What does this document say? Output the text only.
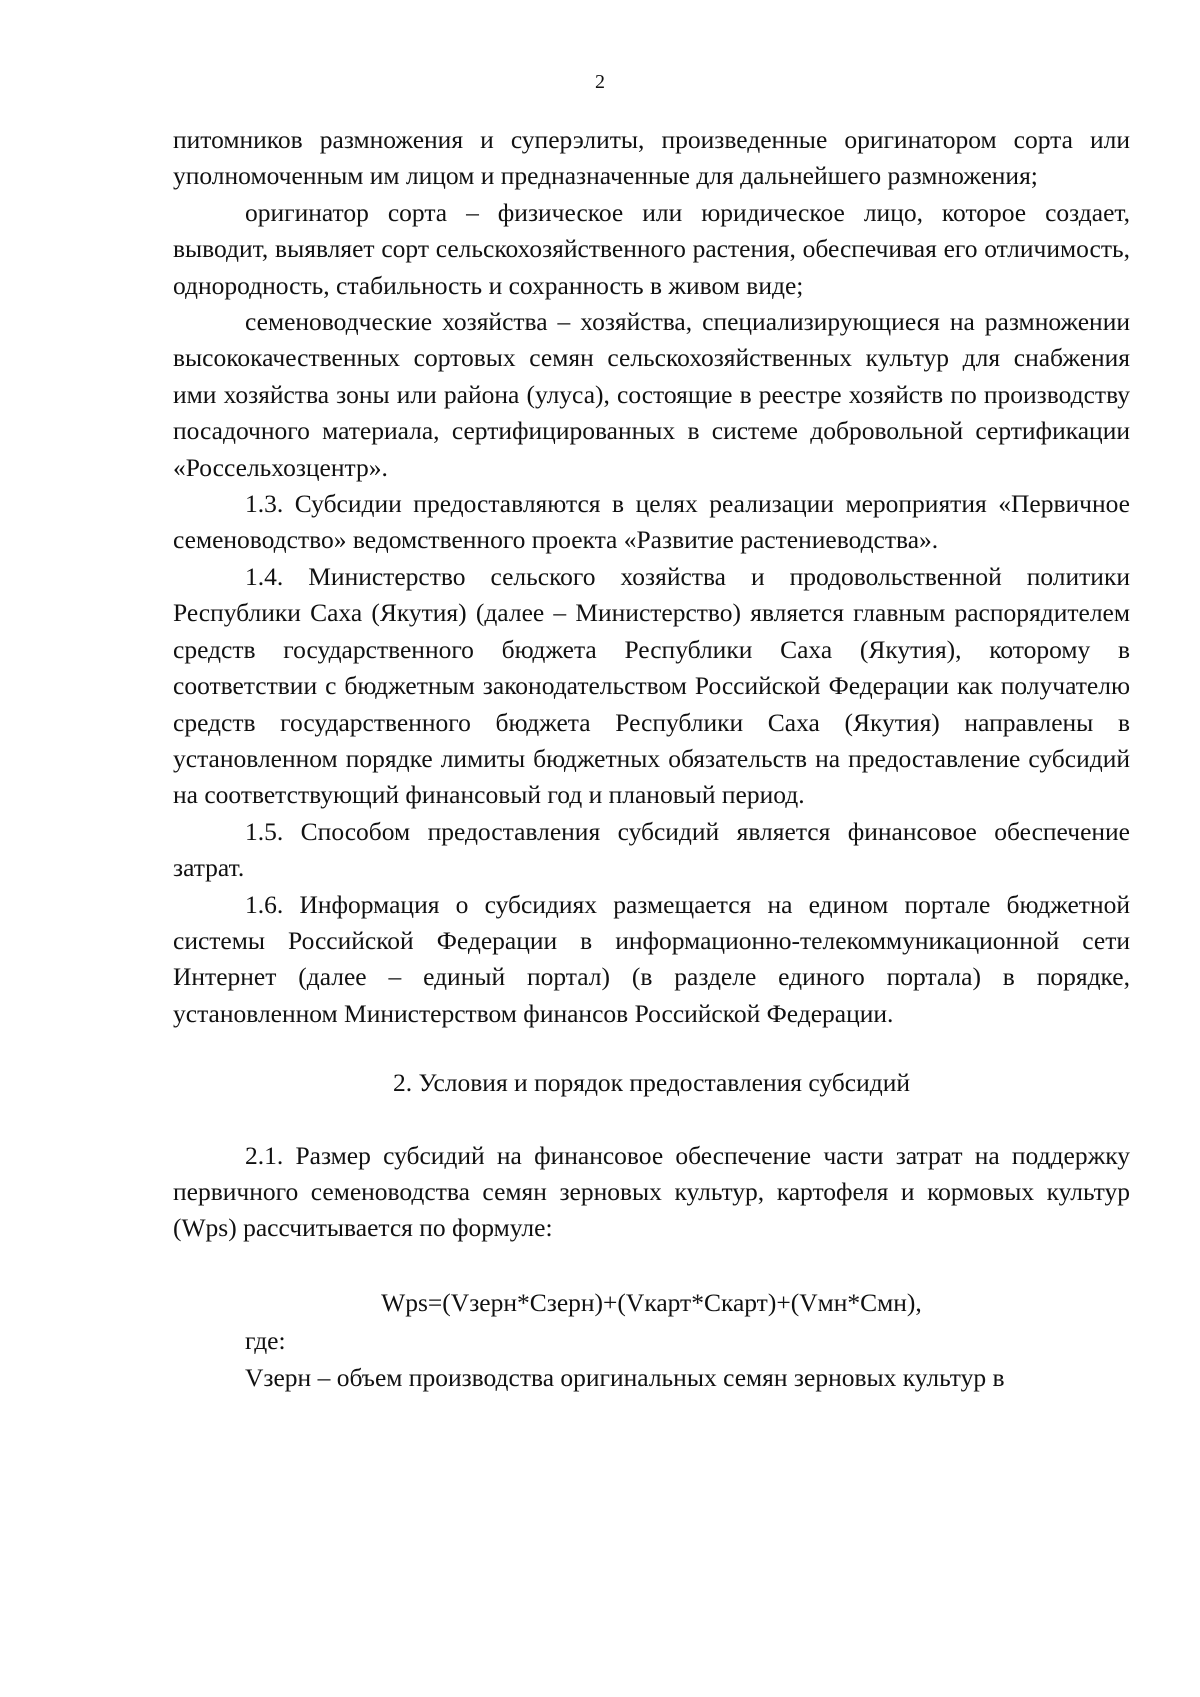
2

питомников размножения и суперэлиты, произведенные оригинатором сорта или уполномоченным им лицом и предназначенные для дальнейшего размножения;

оригинатор сорта – физическое или юридическое лицо, которое создает, выводит, выявляет сорт сельскохозяйственного растения, обеспечивая его отличимость, однородность, стабильность и сохранность в живом виде;

семеноводческие хозяйства – хозяйства, специализирующиеся на размножении высококачественных сортовых семян сельскохозяйственных культур для снабжения ими хозяйства зоны или района (улуса), состоящие в реестре хозяйств по производству посадочного материала, сертифицированных в системе добровольной сертификации «Россельхозцентр».

1.3. Субсидии предоставляются в целях реализации мероприятия «Первичное семеноводство» ведомственного проекта «Развитие растениеводства».

1.4. Министерство сельского хозяйства и продовольственной политики Республики Саха (Якутия) (далее – Министерство) является главным распорядителем средств государственного бюджета Республики Саха (Якутия), которому в соответствии с бюджетным законодательством Российской Федерации как получателю средств государственного бюджета Республики Саха (Якутия) направлены в установленном порядке лимиты бюджетных обязательств на предоставление субсидий на соответствующий финансовый год и плановый период.

1.5. Способом предоставления субсидий является финансовое обеспечение затрат.

1.6. Информация о субсидиях размещается на едином портале бюджетной системы Российской Федерации в информационно-телекоммуникационной сети Интернет (далее – единый портал) (в разделе единого портала) в порядке, установленном Министерством финансов Российской Федерации.

2. Условия и порядок предоставления субсидий

2.1. Размер субсидий на финансовое обеспечение части затрат на поддержку первичного семеноводства семян зерновых культур, картофеля и кормовых культур (Wps) рассчитывается по формуле:

Wps=(Vзерн*Сзерн)+(Vкарт*Скарт)+(Vмн*Смн),

где:

Vзерн – объем производства оригинальных семян зерновых культур в
